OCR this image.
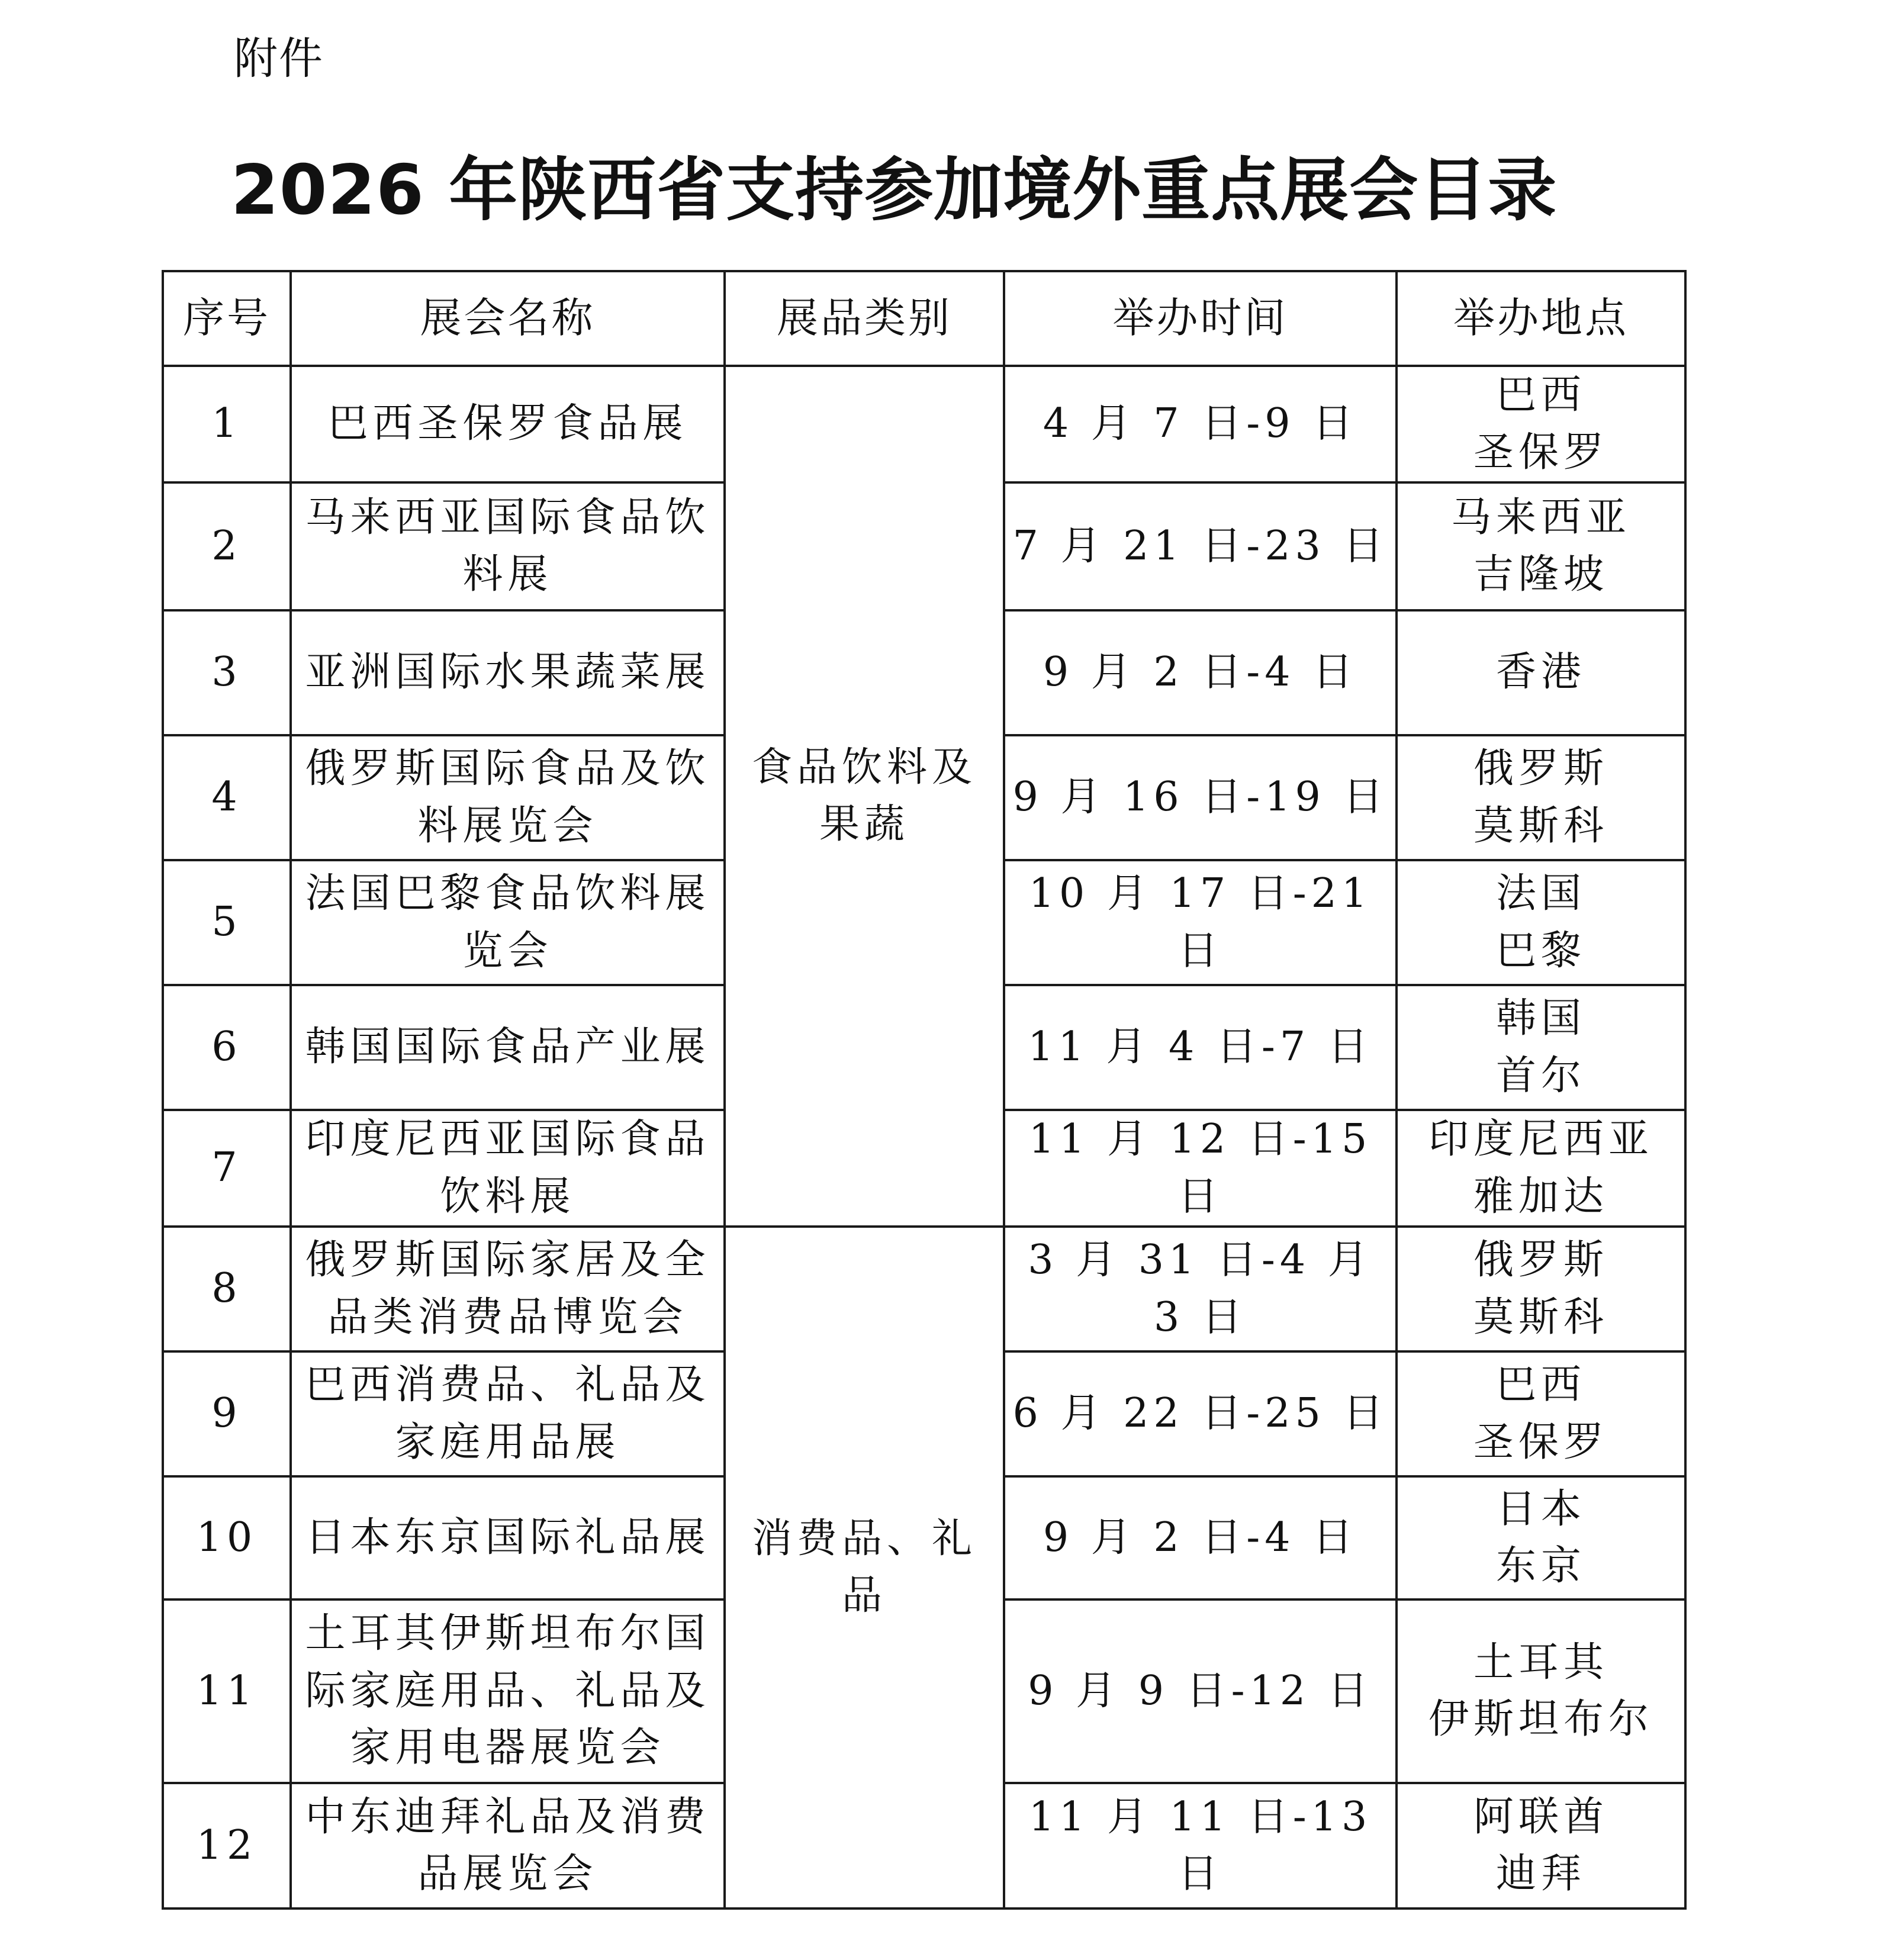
附件
2026 年陕西省支持参加境外重点展会目录
序号	展会名称	展品类别	举办时间	举办地点
1	巴西圣保罗食品展	食品饮料及果蔬	4 月 7 日-9 日	巴西
圣保罗

2	马来西亚国际食品饮料展		7 月 21 日-23 日	马来西亚
吉隆坡

3	亚洲国际水果蔬菜展		9 月 2 日-4 日	香港

4	俄罗斯国际食品及饮料展览会		9 月 16 日-19 日	俄罗斯
莫斯科

5	法国巴黎食品饮料展览会		10 月 17 日-21 日	法国
巴黎

6	韩国国际食品产业展		11 月 4 日-7 日	韩国
首尔

7	印度尼西亚国际食品饮料展		11 月 12 日-15 日	印度尼西亚
雅加达

8	俄罗斯国际家居及全品类消费品博览会	消费品、礼品	3 月 31 日-4 月 3 日	俄罗斯
莫斯科

9	巴西消费品、礼品及家庭用品展		6 月 22 日-25 日	巴西
圣保罗

10	日本东京国际礼品展		9 月 2 日-4 日	日本
东京

11	土耳其伊斯坦布尔国际家庭用品、礼品及家用电器展览会		9 月 9 日-12 日	土耳其
伊斯坦布尔

12	中东迪拜礼品及消费品展览会		11 月 11 日-13 日	阿联酋
迪拜
